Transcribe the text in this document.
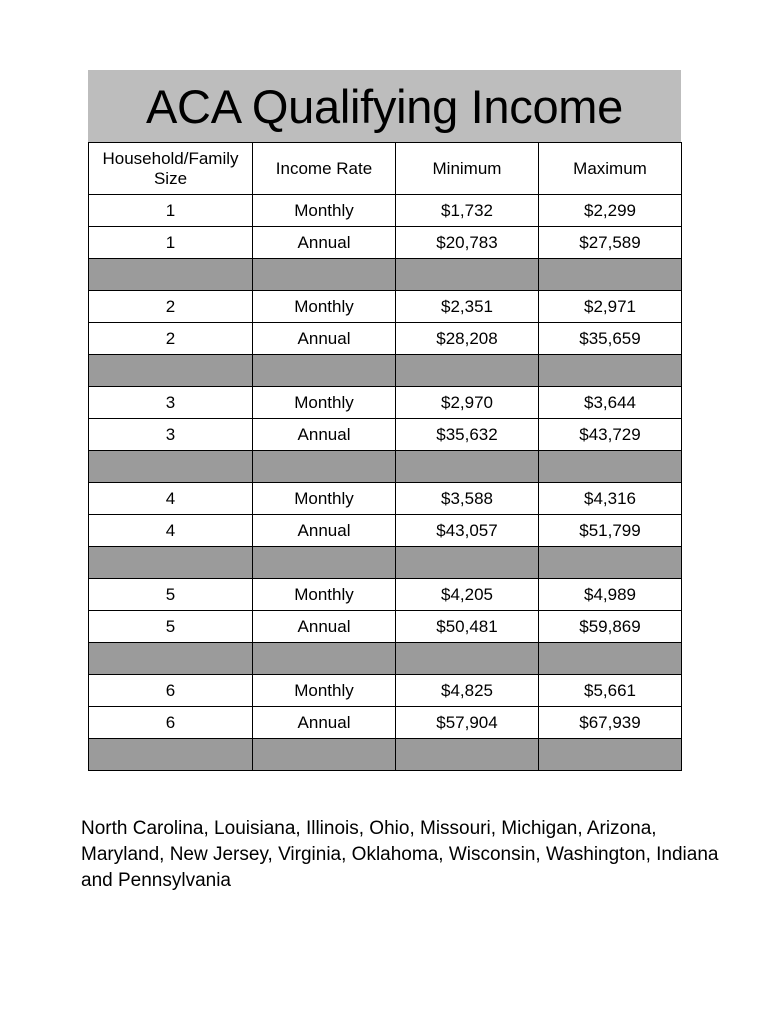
ACA Qualifying Income
Household/Family Size	Income Rate	Minimum	Maximum
1	Monthly	$1,732	$2,299
1	Annual	$20,783	$27,589

2	Monthly	$2,351	$2,971
2	Annual	$28,208	$35,659

3	Monthly	$2,970	$3,644
3	Annual	$35,632	$43,729

4	Monthly	$3,588	$4,316
4	Annual	$43,057	$51,799

5	Monthly	$4,205	$4,989
5	Annual	$50,481	$59,869

6	Monthly	$4,825	$5,661
6	Annual	$57,904	$67,939

North Carolina, Louisiana, Illinois, Ohio, Missouri, Michigan, Arizona, Maryland, New Jersey, Virginia, Oklahoma, Wisconsin, Washington, Indiana and Pennsylvania
